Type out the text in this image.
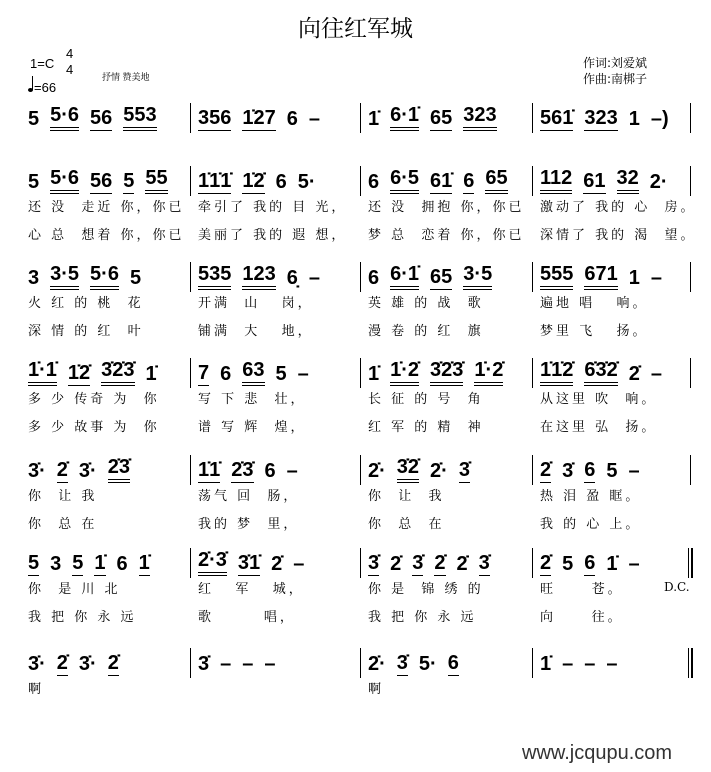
向往红军城
1=C
4
4
=66
抒情 赞美地
作词:刘爱斌
作曲:南梆子
5 5·6 56 553 356 1̇27 6 – 1̇ 6·1̇ 65 323 561̇ 323 1 –)
5 5·6 56 5 55
还 没  走近 你，你已
心 总  想着 你，你已
1̇1̇1̇ 1̇2̇ 6 5·
牵引了 我的 目 光，
美丽了 我的 遐 想，
6 6·5 61̇ 6 65
还 没  拥抱 你，你已
梦 总  恋着 你，你已
112 61 32 2·
激动了 我的 心  房。
深情了 我的 渴  望。
3 3·5 5·6 5
火 红 的 桃  花
深 情 的 红  叶
535 123 6̣ –
开满  山   岗，
铺满  大   地，
6 6·1̇ 65 3·5
英 雄 的 战  歌
漫 卷 的 红  旗
555 671 1 –
遍地 唱   响。
梦里 飞   扬。
1̇·1̇ 1̇2̇ 3̇2̇3̇ 1̇
多 少 传奇 为  你
多 少 故事 为  你
7 6 63 5 –
写 下 悲  壮，
谱 写 辉  煌，
1̇ 1̇·2̇ 3̇2̇3̇ 1̇·2̇
长 征 的 号  角
红 军 的 精  神
1̇1̇2̇ 6̇3̇2̇ 2̇ –
从这里 吹  响。
在这里 弘  扬。
3̇· 2̇ 3̇· 2̇3̇
你  让 我
你  总 在
1̇1̇ 2̇3̇ 6 –
荡气 回  肠，
我的 梦  里，
2̇· 3̇2̇ 2̇· 3̇
你  让  我
你  总  在
2̇ 3̇ 6 5 –
热 泪 盈 眶。
我 的 心 上。
5 3 5 1̇ 6 1̇
你  是 川 北
我 把 你 永 远
2̇·3̇ 3̇1̇ 2̇ –
红   军   城，
歌       唱，
3̇ 2̇ 3̇ 2̇ 2̇ 3̇
你 是  锦 绣 的
我 把 你 永 远
2̇ 5 6 1̇ –
旺     苍。
向     往。
3̇· 2̇ 3̇· 2̇
啊
3̇ – – –	2̇· 3̇ 5· 6
啊
1̇ – – –
D.C.
www.jcqupu.com
